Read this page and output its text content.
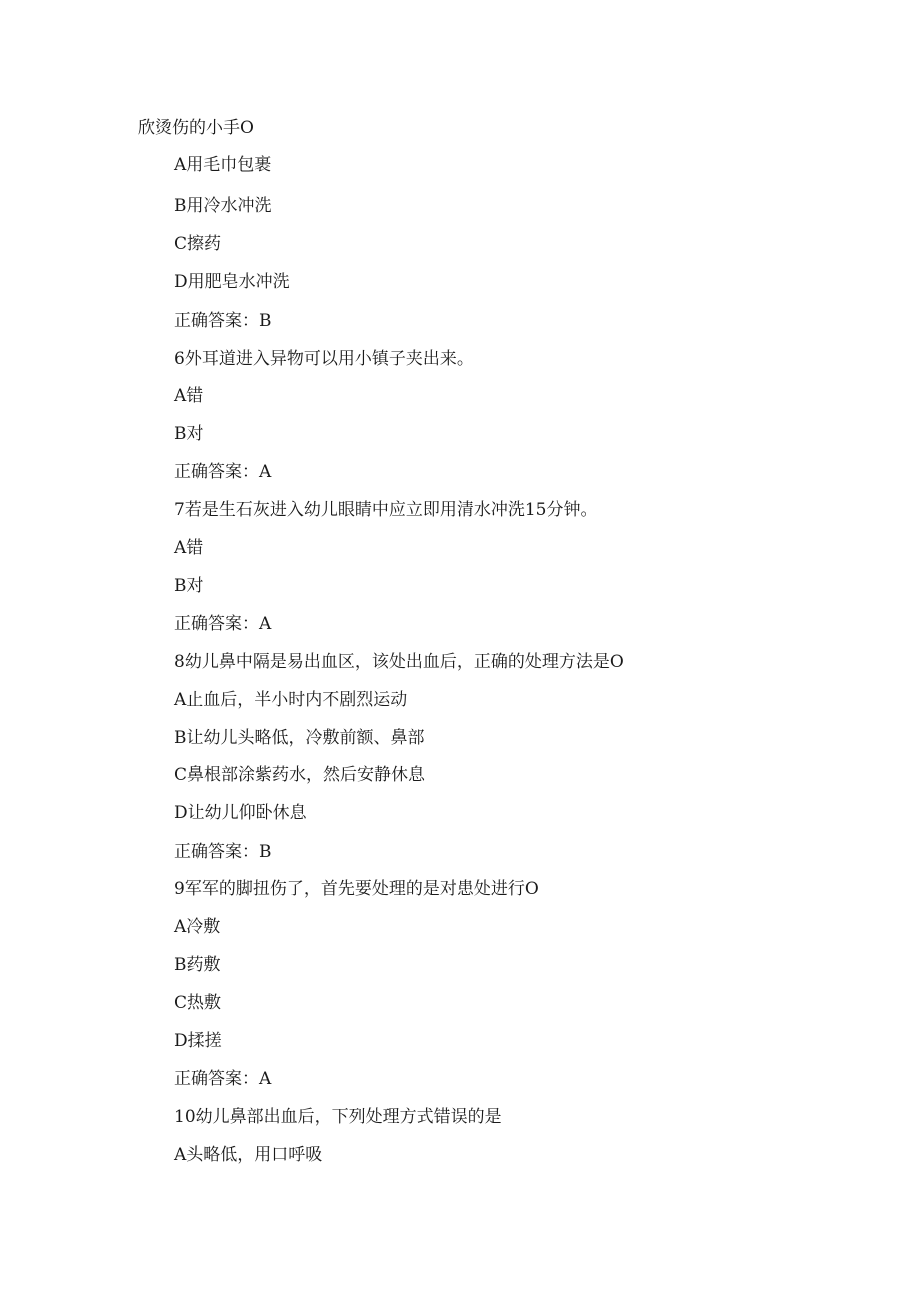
欣烫伤的小手O
A用毛巾包裹
B用冷水冲洗
C擦药
D用肥皂水冲洗
正确答案：B
6外耳道进入异物可以用小镇子夹出来。
A错
B对
正确答案：A
7若是生石灰进入幼儿眼睛中应立即用清水冲洗15分钟。
A错
B对
正确答案：A
8幼儿鼻中隔是易出血区，该处出血后，正确的处理方法是O
A止血后，半小时内不剧烈运动
B让幼儿头略低，冷敷前额、鼻部
C鼻根部涂紫药水，然后安静休息
D让幼儿仰卧休息
正确答案：B
9军军的脚扭伤了，首先要处理的是对患处进行O
A冷敷
B药敷
C热敷
D揉搓
正确答案：A
10幼儿鼻部出血后，下列处理方式错误的是
A头略低，用口呼吸
